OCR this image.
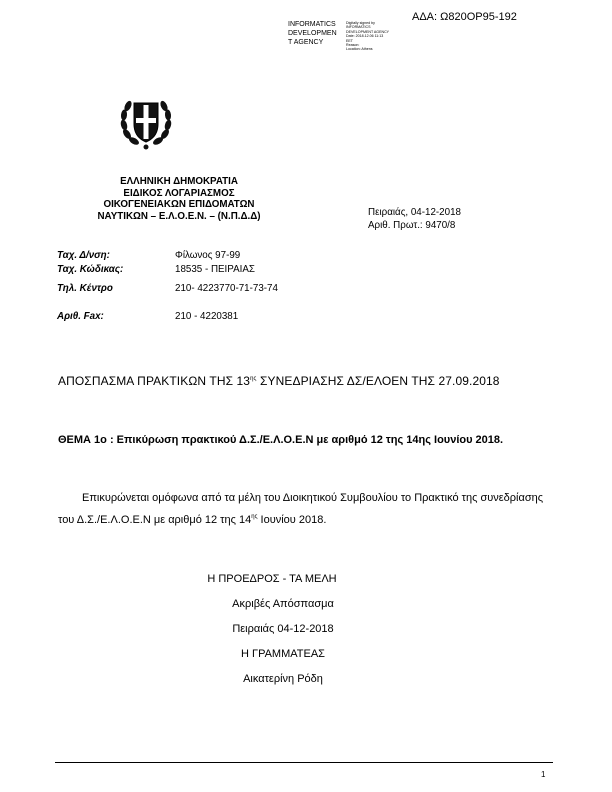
ΑΔΑ: Ω820ΟΡ95-192
INFORMATICS
DEVELOPMEN
T AGENCY
Digitally signed by
INFORMATICS
DEVELOPMENT AGENCY
Date: 2018.12.06 11:13
EET
Reason:
Location: Athens
ΕΛΛΗΝΙΚΗ ΔΗΜΟΚΡΑΤΙΑ
ΕΙΔΙΚΟΣ ΛΟΓΑΡΙΑΣΜΟΣ
ΟΙΚΟΓΕΝΕΙΑΚΩΝ ΕΠΙΔΟΜΑΤΩΝ
ΝΑΥΤΙΚΩΝ – Ε.Λ.Ο.Ε.Ν. – (Ν.Π.Δ.Δ)	Πειραιάς, 04-12-2018
Αριθ. Πρωτ.: 9470/8
Ταχ. Δ/νση:	Φίλωνος 97-99
Ταχ. Κώδικας:	18535 - ΠΕΙΡΑΙΑΣ
Τηλ. Κέντρο	210- 4223770-71-73-74
Αριθ. Fax:	210 - 4220381
ΑΠΟΣΠΑΣΜΑ ΠΡΑΚΤΙΚΩΝ ΤΗΣ $13^{\eta\varsigma}$ ΣΥΝΕΔΡΙΑΣΗΣ ΔΣ/ΕΛΟΕΝ ΤΗΣ 27.09.2018
ΘΕΜΑ 1ο : Επικύρωση πρακτικού Δ.Σ./Ε.Λ.Ο.Ε.Ν με αριθμό 12 της 14ης Ιουνίου 2018.
Επικυρώνεται ομόφωνα από τα μέλη του Διοικητικού Συμβουλίου το Πρακτικό της συνεδρίασης του Δ.Σ./Ε.Λ.Ο.Ε.Ν με αριθμό 12 της $14^{\eta\varsigma}$ Ιουνίου 2018.
Η ΠΡΟΕΔΡΟΣ - ΤΑ ΜΕΛΗ
Ακριβές Απόσπασμα
Πειραιάς 04-12-2018
Η ΓΡΑΜΜΑΤΕΑΣ
Αικατερίνη Ρόδη
1
